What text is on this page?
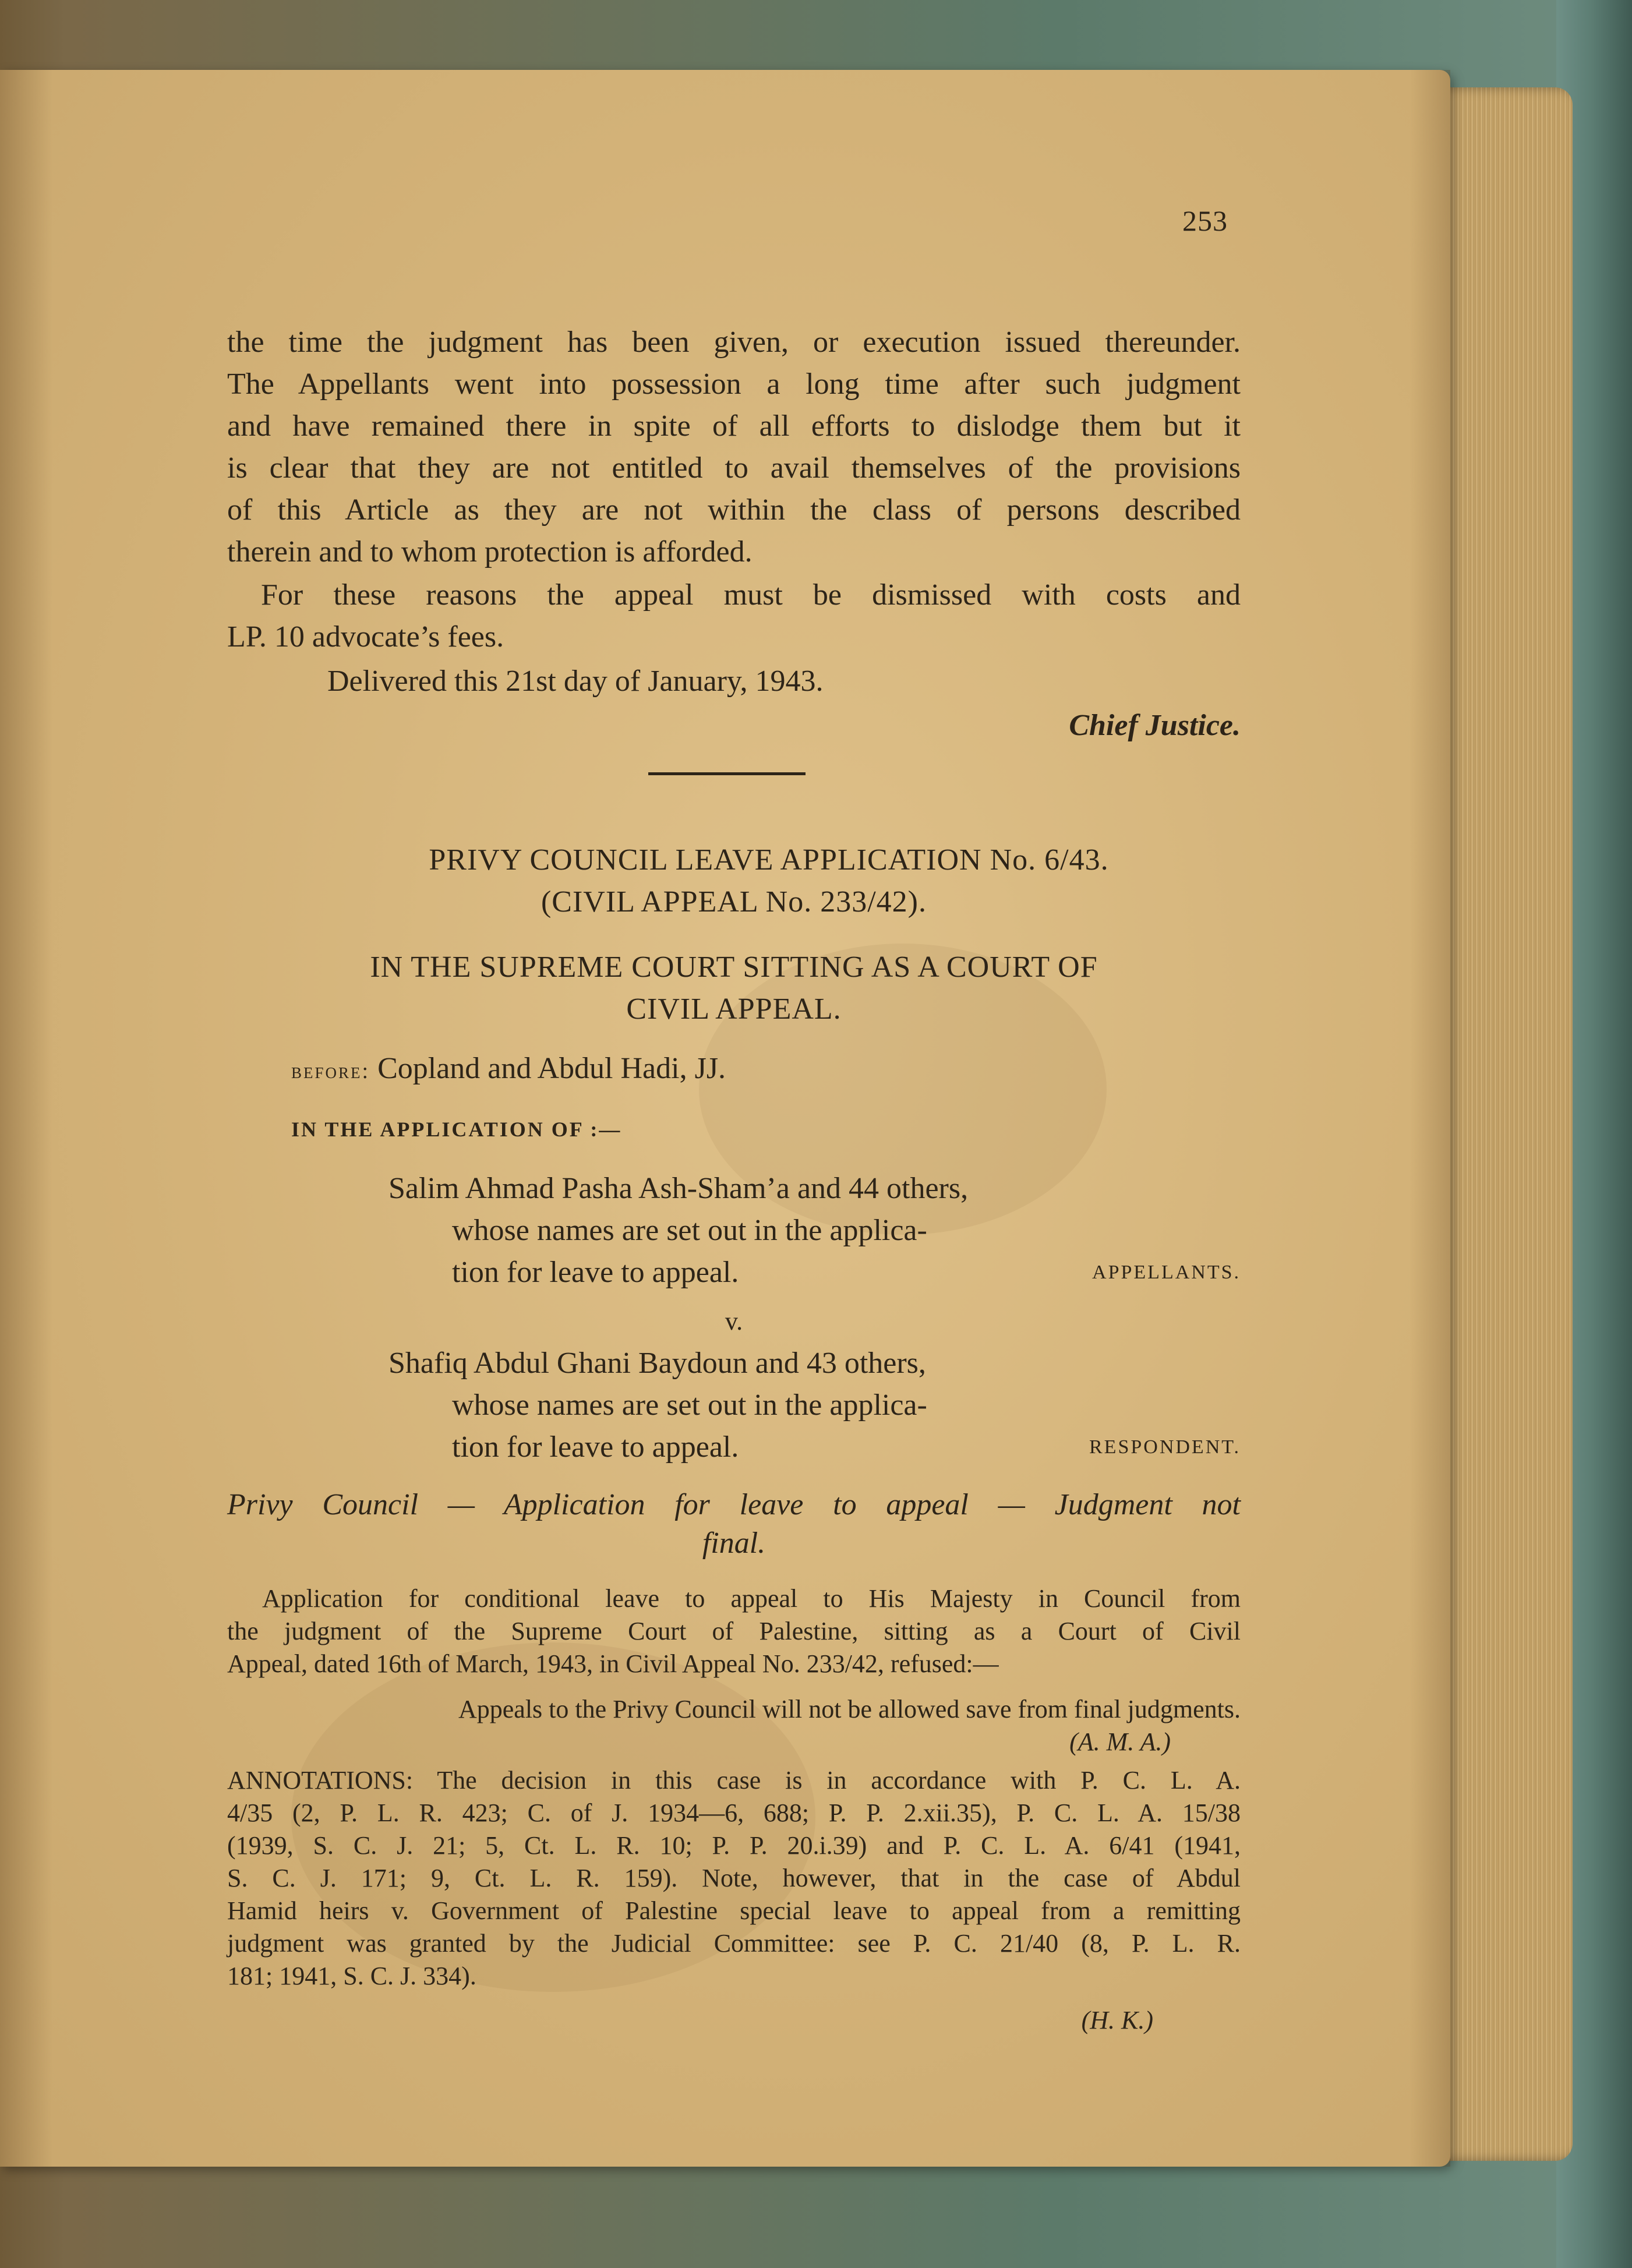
253

the time the judgment has been given, or execution issued thereunder.
The Appellants went into possession a long time after such judgment
and have remained there in spite of all efforts to dislodge them but it
is clear that they are not entitled to avail themselves of the provisions
of this Article as they are not within the class of persons described
therein and to whom protection is afforded.

For these reasons the appeal must be dismissed with costs and
LP. 10 advocate’s fees.

Delivered this 21st day of January, 1943.

Chief Justice.

PRIVY COUNCIL LEAVE APPLICATION No. 6/43.
(CIVIL APPEAL No. 233/42).

IN THE SUPREME COURT SITTING AS A COURT OF
CIVIL APPEAL.

before: Copland and Abdul Hadi, JJ.

IN THE APPLICATION OF :—

Salim Ahmad Pasha Ash-Sham’a and 44 others,
whose names are set out in the applica-
tion for leave to appeal.	APPELLANTS.

v.

Shafiq Abdul Ghani Baydoun and 43 others,
whose names are set out in the applica-
tion for leave to appeal.	RESPONDENT.

Privy Council — Application for leave to appeal — Judgment not
final.

Application for conditional leave to appeal to His Majesty in Council from
the judgment of the Supreme Court of Palestine, sitting as a Court of Civil
Appeal, dated 16th of March, 1943, in Civil Appeal No. 233/42, refused:—

Appeals to the Privy Council will not be allowed save from final judgments.

(A. M. A.)

ANNOTATIONS: The decision in this case is in accordance with P. C. L. A.
4/35 (2, P. L. R. 423; C. of J. 1934—6, 688; P. P. 2.xii.35), P. C. L. A. 15/38
(1939, S. C. J. 21; 5, Ct. L. R. 10; P. P. 20.i.39) and P. C. L. A. 6/41 (1941,
S. C. J. 171; 9, Ct. L. R. 159). Note, however, that in the case of Abdul
Hamid heirs v. Government of Palestine special leave to appeal from a remitting
judgment was granted by the Judicial Committee: see P. C. 21/40 (8, P. L. R.
181; 1941, S. C. J. 334).

(H. K.)
